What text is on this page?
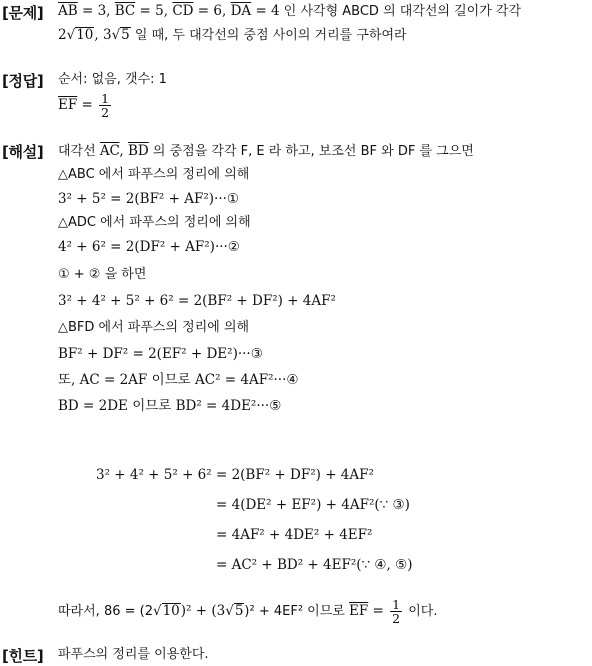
[문제] $\overline{AB} = 3$, $\overline{BC} = 5$, $\overline{CD} = 6$, $\overline{DA} = 4$ 인 사각형 ABCD 의 대각선의 길이가 각각
2√10, 3√5 일 때, 두 대각선의 중점 사이의 거리를 구하여라
[정답] 순서: 없음, 갯수: 1
$\overline{EF} = \frac{1}{2}$
[해설] 대각선 $\overline{AC}$, $\overline{BD}$ 의 중점을 각각 F, E 라 하고, 보조선 BF 와 DF 를 그으면
△ABC 에서 파푸스의 정리에 의해
3² + 5² = 2(BF² + AF²)···①
△ADC 에서 파푸스의 정리에 의해
4² + 6² = 2(DF² + AF²)···②
① + ② 을 하면
3² + 4² + 5² + 6² = 2(BF² + DF²) + 4AF²
△BFD 에서 파푸스의 정리에 의해
BF² + DF² = 2(EF² + DE²)···③
또, AC = 2AF 이므로 AC² = 4AF²···④
BD = 2DE 이므로 BD² = 4DE²···⑤
3² + 4² + 5² + 6² = 2(BF² + DF²) + 4AF²
= 4(DE² + EF²) + 4AF²(∵ ③)
= 4AF² + 4DE² + 4EF²
= AC² + BD² + 4EF²(∵ ④, ⑤)
따라서, 86 = (2√10)² + (3√5)² + 4EF² 이므로 $\overline{EF} = \frac{1}{2}$ 이다.
[힌트] 파푸스의 정리를 이용한다.
